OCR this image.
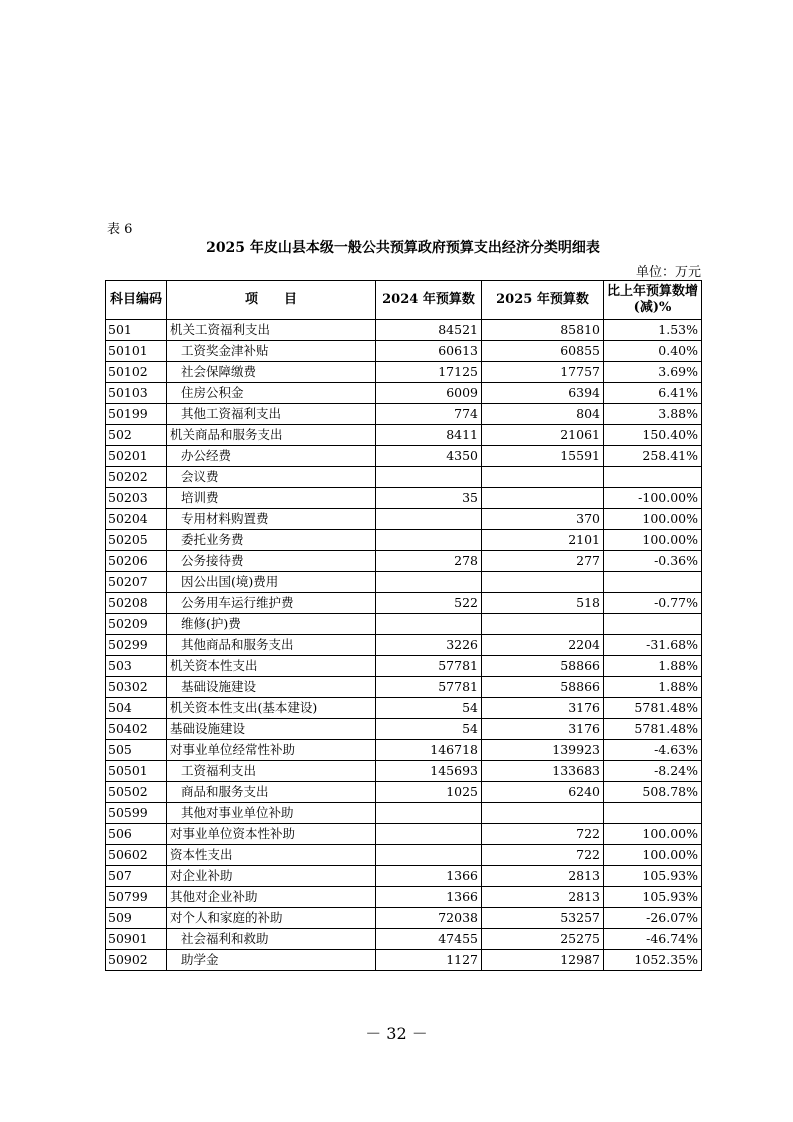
表 6
2025 年皮山县本级一般公共预算政府预算支出经济分类明细表
单位：万元
科目编码	项　　目	2024 年预算数	2025 年预算数	比上年预算数增(减)%
501	机关工资福利支出	84521	85810	1.53%
50101	工资奖金津补贴	60613	60855	0.40%
50102	社会保障缴费	17125	17757	3.69%
50103	住房公积金	6009	6394	6.41%
50199	其他工资福利支出	774	804	3.88%
502	机关商品和服务支出	8411	21061	150.40%
50201	办公经费	4350	15591	258.41%
50202	会议费			
50203	培训费	35		-100.00%
50204	专用材料购置费		370	100.00%
50205	委托业务费		2101	100.00%
50206	公务接待费	278	277	-0.36%
50207	因公出国(境)费用			
50208	公务用车运行维护费	522	518	-0.77%
50209	维修(护)费			
50299	其他商品和服务支出	3226	2204	-31.68%
503	机关资本性支出	57781	58866	1.88%
50302	基础设施建设	57781	58866	1.88%
504	机关资本性支出(基本建设)	54	3176	5781.48%
50402	基础设施建设	54	3176	5781.48%
505	对事业单位经常性补助	146718	139923	-4.63%
50501	工资福利支出	145693	133683	-8.24%
50502	商品和服务支出	1025	6240	508.78%
50599	其他对事业单位补助			
506	对事业单位资本性补助		722	100.00%
50602	资本性支出		722	100.00%
507	对企业补助	1366	2813	105.93%
50799	其他对企业补助	1366	2813	105.93%
509	对个人和家庭的补助	72038	53257	-26.07%
50901	社会福利和救助	47455	25275	-46.74%
50902	助学金	1127	12987	1052.35%
－ 32 －
